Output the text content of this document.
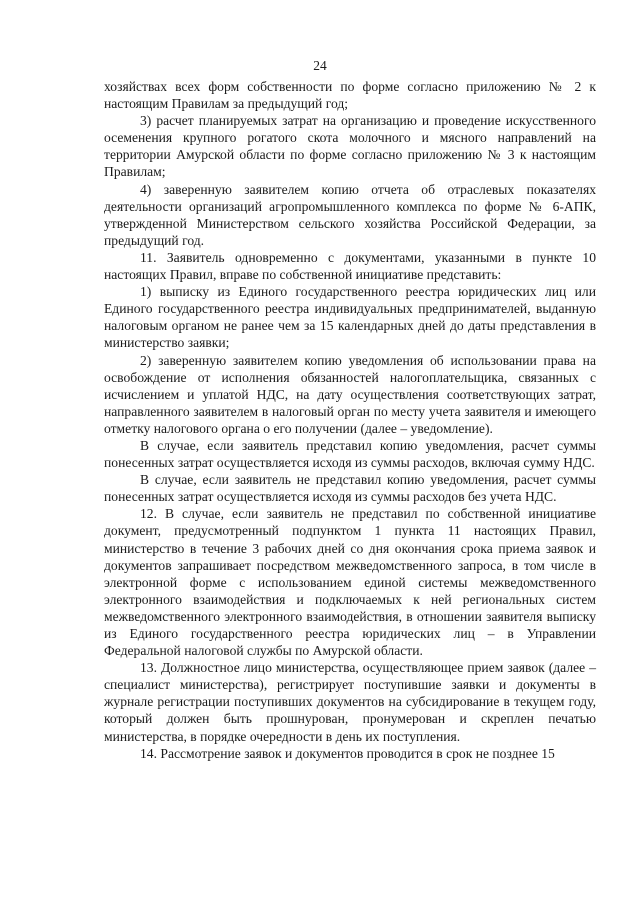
24

хозяйствах всех форм собственности по форме согласно приложению № 2 к настоящим Правилам за предыдущий год;

3) расчет планируемых затрат на организацию и проведение искусственного осеменения крупного рогатого скота молочного и мясного направлений на территории Амурской области по форме согласно приложению № 3 к настоящим Правилам;

4) заверенную заявителем копию отчета об отраслевых показателях деятельности организаций агропромышленного комплекса по форме № 6-АПК, утвержденной Министерством сельского хозяйства Российской Федерации, за предыдущий год.

11. Заявитель одновременно с документами, указанными в пункте 10 настоящих Правил, вправе по собственной инициативе представить:

1) выписку из Единого государственного реестра юридических лиц или Единого государственного реестра индивидуальных предпринимателей, выданную налоговым органом не ранее чем за 15 календарных дней до даты представления в министерство заявки;

2) заверенную заявителем копию уведомления об использовании права на освобождение от исполнения обязанностей налогоплательщика, связанных с исчислением и уплатой НДС, на дату осуществления соответствующих затрат, направленного заявителем в налоговый орган по месту учета заявителя и имеющего отметку налогового органа о его получении (далее – уведомление).

В случае, если заявитель представил копию уведомления, расчет суммы понесенных затрат осуществляется исходя из суммы расходов, включая сумму НДС.

В случае, если заявитель не представил копию уведомления, расчет суммы понесенных затрат осуществляется исходя из суммы расходов без учета НДС.

12. В случае, если заявитель не представил по собственной инициативе документ, предусмотренный подпунктом 1 пункта 11 настоящих Правил, министерство в течение 3 рабочих дней со дня окончания срока приема заявок и документов запрашивает посредством межведомственного запроса, в том числе в электронной форме с использованием единой системы межведомственного электронного взаимодействия и подключаемых к ней региональных систем межведомственного электронного взаимодействия, в отношении заявителя выписку из Единого государственного реестра юридических лиц – в Управлении Федеральной налоговой службы по Амурской области.

13. Должностное лицо министерства, осуществляющее прием заявок (далее – специалист министерства), регистрирует поступившие заявки и документы в журнале регистрации поступивших документов на субсидирование в текущем году, который должен быть прошнурован, пронумерован и скреплен печатью министерства, в порядке очередности в день их поступления.

14. Рассмотрение заявок и документов проводится в срок не позднее 15
